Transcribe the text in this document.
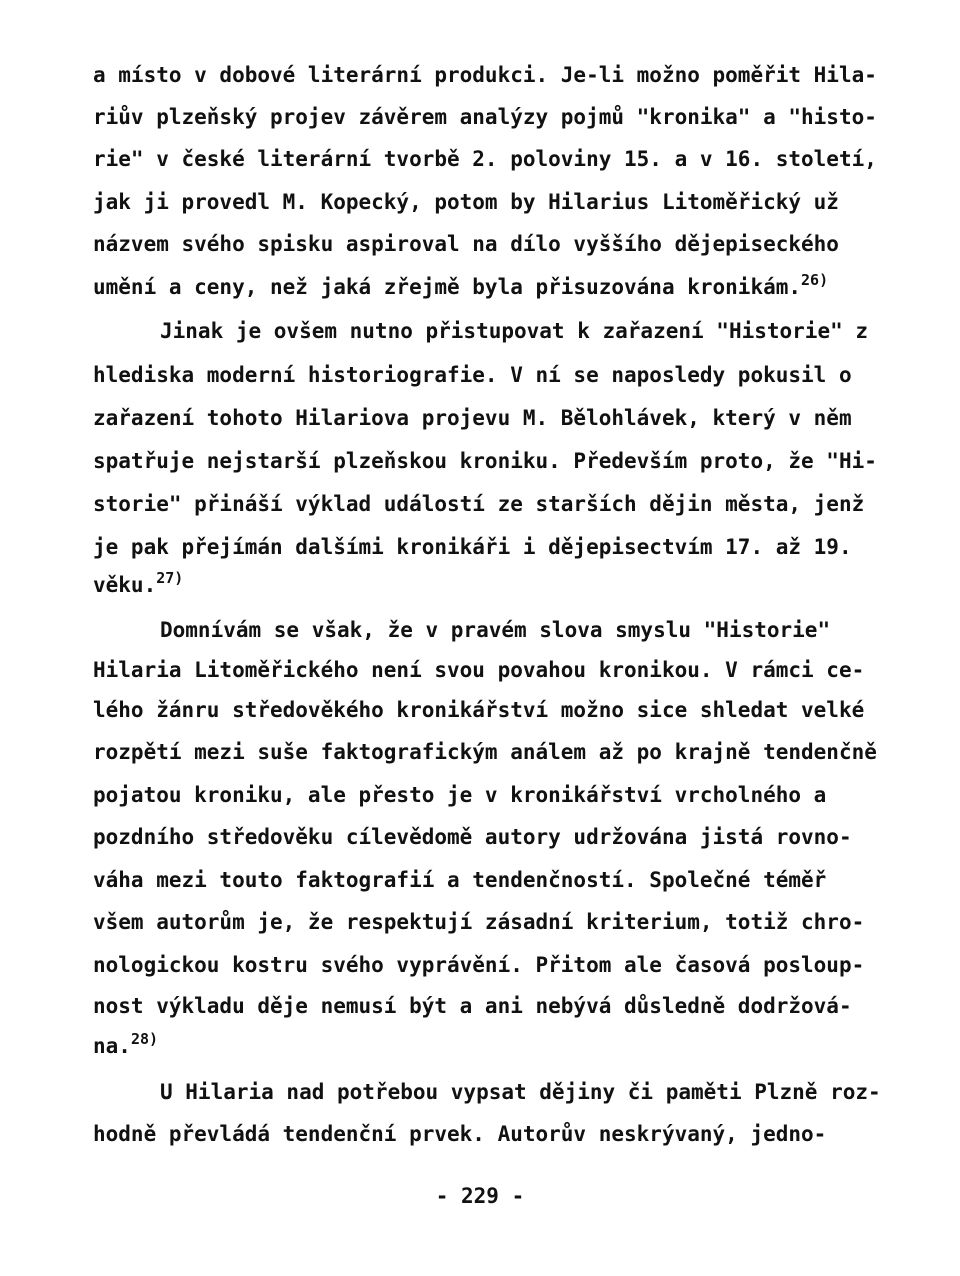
a místo v dobové literární produkci. Je-li možno poměřit Hila-
riův plzeňský projev závěrem analýzy pojmů "kronika" a "histo-
rie" v české literární tvorbě 2. poloviny 15. a v 16. století,
jak ji provedl M. Kopecký, potom by Hilarius Litoměřický už
názvem svého spisku aspiroval na dílo vyššího dějepiseckého
umění a ceny, než jaká zřejmě byla přisuzována kronikám.$^{26)}$
Jinak je ovšem nutno přistupovat k zařazení "Historie" z
hlediska moderní historiografie. V ní se naposledy pokusil o
zařazení tohoto Hilariova projevu M. Bělohlávek, který v něm
spatřuje nejstarší plzeňskou kroniku. Především proto, že "Hi-
storie" přináší výklad událostí ze starších dějin města, jenž
je pak přejímán dalšími kronikáři i dějepisectvím 17. až 19.
věku.$^{27)}$
Domnívám se však, že v pravém slova smyslu "Historie"
Hilaria Litoměřického není svou povahou kronikou. V rámci ce-
lého žánru středověkého kronikářství možno sice shledat velké
rozpětí mezi suše faktografickým análem až po krajně tendenčně
pojatou kroniku, ale přesto je v kronikářství vrcholného a
pozdního středověku cílevědomě autory udržována jistá rovno-
váha mezi touto faktografií a tendenčností. Společné téměř
všem autorům je, že respektují zásadní kriterium, totiž chro-
nologickou kostru svého vyprávění. Přitom ale časová posloup-
nost výkladu děje nemusí být a ani nebývá důsledně dodržová-
na.$^{28)}$
U Hilaria nad potřebou vypsat dějiny či paměti Plzně roz-
hodně převládá tendenční prvek. Autorův neskrývaný, jedno-
- 229 -
